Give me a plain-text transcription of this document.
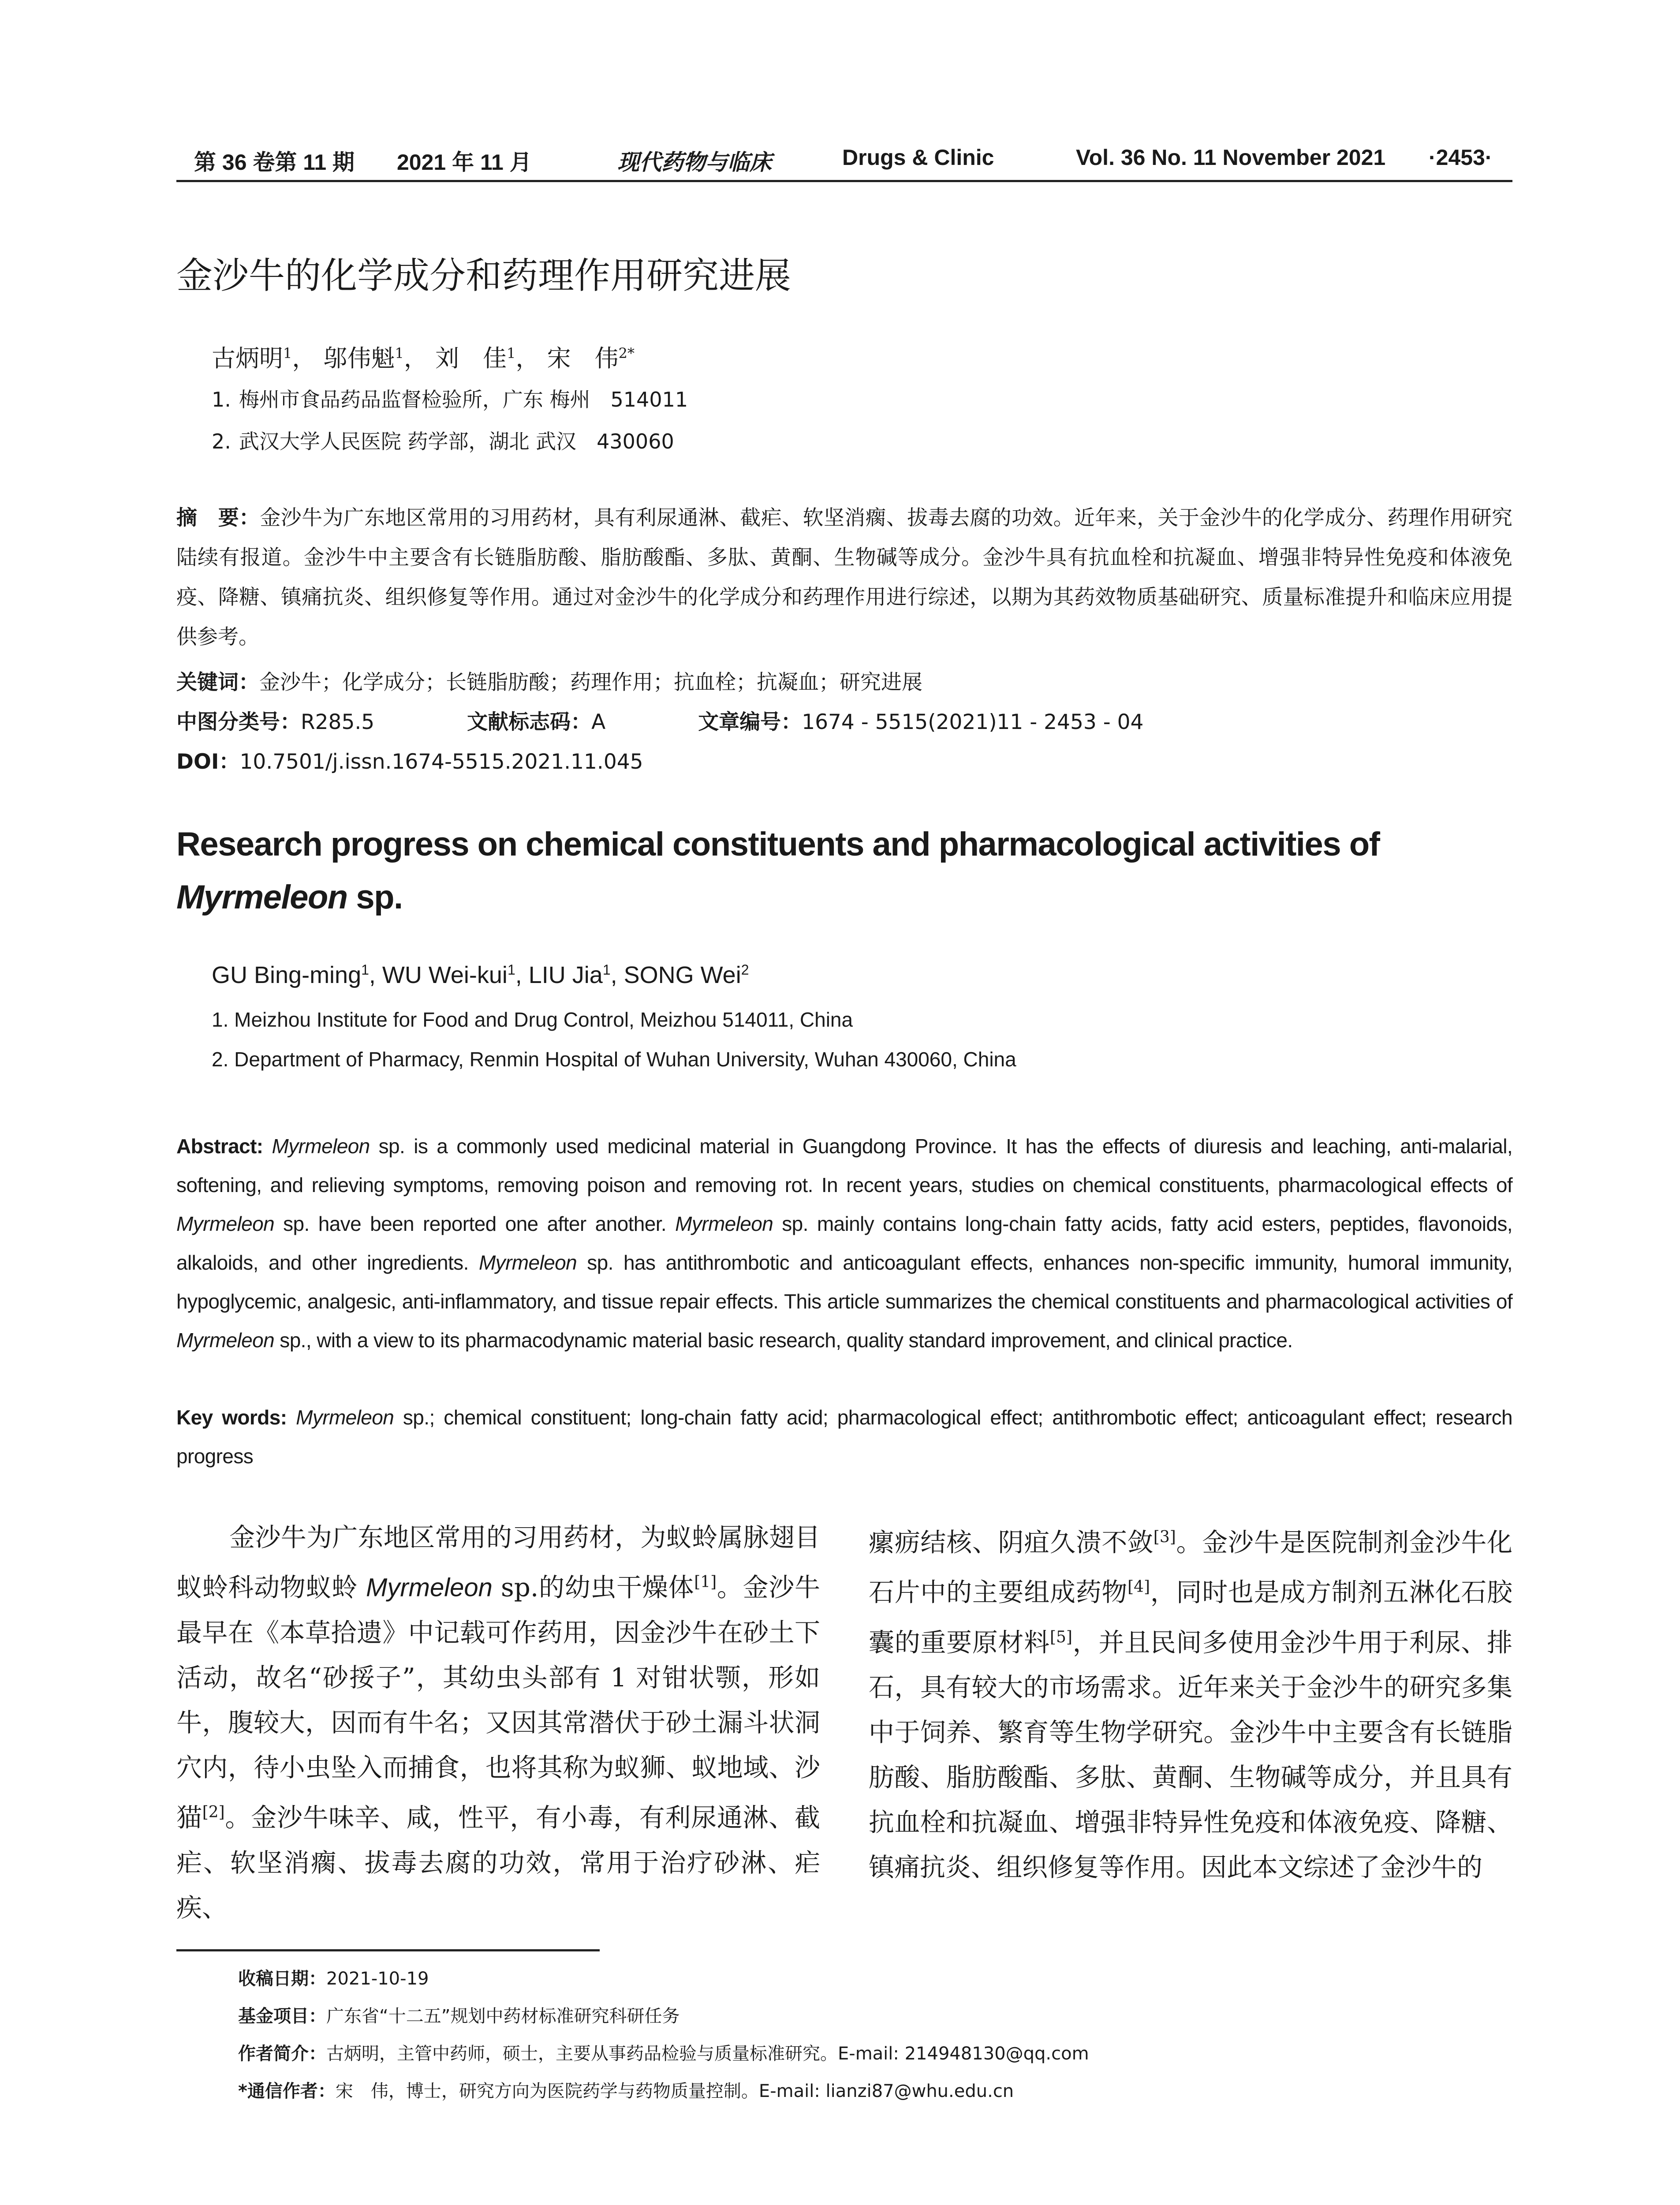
第 36 卷第 11 期 2021 年 11 月	现代药物与临床	Drugs & Clinic	Vol. 36 No. 11 November 2021 ·2453·
金沙牛的化学成分和药理作用研究进展
古炳明$^1$， 邬伟魁$^1$， 刘　佳$^1$， 宋　伟$^{2*}$
1. 梅州市食品药品监督检验所，广东 梅州　514011
2. 武汉大学人民医院 药学部，湖北 武汉　430060
摘　要：金沙牛为广东地区常用的习用药材，具有利尿通淋、截疟、软坚消瘸、拔毒去腐的功效。近年来，关于金沙牛的化学成分、药理作用研究陆续有报道。金沙牛中主要含有长链脂肪酸、脂肪酸酯、多肽、黄酮、生物碱等成分。金沙牛具有抗血栓和抗凝血、增强非特异性免疫和体液免疫、降糖、镇痛抗炎、组织修复等作用。通过对金沙牛的化学成分和药理作用进行综述，以期为其药效物质基础研究、质量标准提升和临床应用提供参考。
关键词：金沙牛；化学成分；长链脂肪酸；药理作用；抗血栓；抗凝血；研究进展
中图分类号：R285.5	文献标志码：A	文章编号：1674 - 5515(2021)11 - 2453 - 04
DOI：10.7501/j.issn.1674-5515.2021.11.045
Research progress on chemical constituents and pharmacological activities of
Myrmeleon sp.
GU Bing-ming$^1$, WU Wei-kui$^1$, LIU Jia$^1$, SONG Wei$^2$
1. Meizhou Institute for Food and Drug Control, Meizhou 514011, China
2. Department of Pharmacy, Renmin Hospital of Wuhan University, Wuhan 430060, China
Abstract: Myrmeleon sp. is a commonly used medicinal material in Guangdong Province. It has the effects of diuresis and leaching, anti-malarial, softening, and relieving symptoms, removing poison and removing rot. In recent years, studies on chemical constituents, pharmacological effects of Myrmeleon sp. have been reported one after another. Myrmeleon sp. mainly contains long-chain fatty acids, fatty acid esters, peptides, flavonoids, alkaloids, and other ingredients. Myrmeleon sp. has antithrombotic and anticoagulant effects, enhances non-specific immunity, humoral immunity, hypoglycemic, analgesic, anti-inflammatory, and tissue repair effects. This article summarizes the chemical constituents and pharmacological activities of Myrmeleon sp., with a view to its pharmacodynamic material basic research, quality standard improvement, and clinical practice.
Key words: Myrmeleon sp.; chemical constituent; long-chain fatty acid; pharmacological effect; antithrombotic effect; anticoagulant effect; research progress
金沙牛为广东地区常用的习用药材，为蚁蛉属脉翅目蚁蛉科动物蚁蛉 Myrmeleon sp.的幼虫干燥体[1]。金沙牛最早在《本草拾遗》中记载可作药用，因金沙牛在砂土下活动，故名“砂挼子”，其幼虫头部有 1 对钳状颚，形如牛，腹较大，因而有牛名；又因其常潜伏于砂土漏斗状洞穴内，待小虫坠入而捕食，也将其称为蚁狮、蚁地域、沙猫[2]。金沙牛味辛、咸，性平，有小毒，有利尿通淋、截疟、软坚消瘸、拔毒去腐的功效，常用于治疗砂淋、疟疾、
瘰疬结核、阴疽久溃不敛[3]。金沙牛是医院制剂金沙牛化石片中的主要组成药物[4]，同时也是成方制剂五淋化石胶囊的重要原材料[5]，并且民间多使用金沙牛用于利尿、排石，具有较大的市场需求。近年来关于金沙牛的研究多集中于饲养、繁育等生物学研究。金沙牛中主要含有长链脂肪酸、脂肪酸酯、多肽、黄酮、生物碱等成分，并且具有抗血栓和抗凝血、增强非特异性免疫和体液免疫、降糖、镇痛抗炎、组织修复等作用。因此本文综述了金沙牛的
收稿日期：2021-10-19
基金项目：广东省“十二五”规划中药材标准研究科研任务
作者简介：古炳明，主管中药师，硕士，主要从事药品检验与质量标准研究。E-mail: 214948130@qq.com
*通信作者：宋　伟，博士，研究方向为医院药学与药物质量控制。E-mail: lianzi87@whu.edu.cn
